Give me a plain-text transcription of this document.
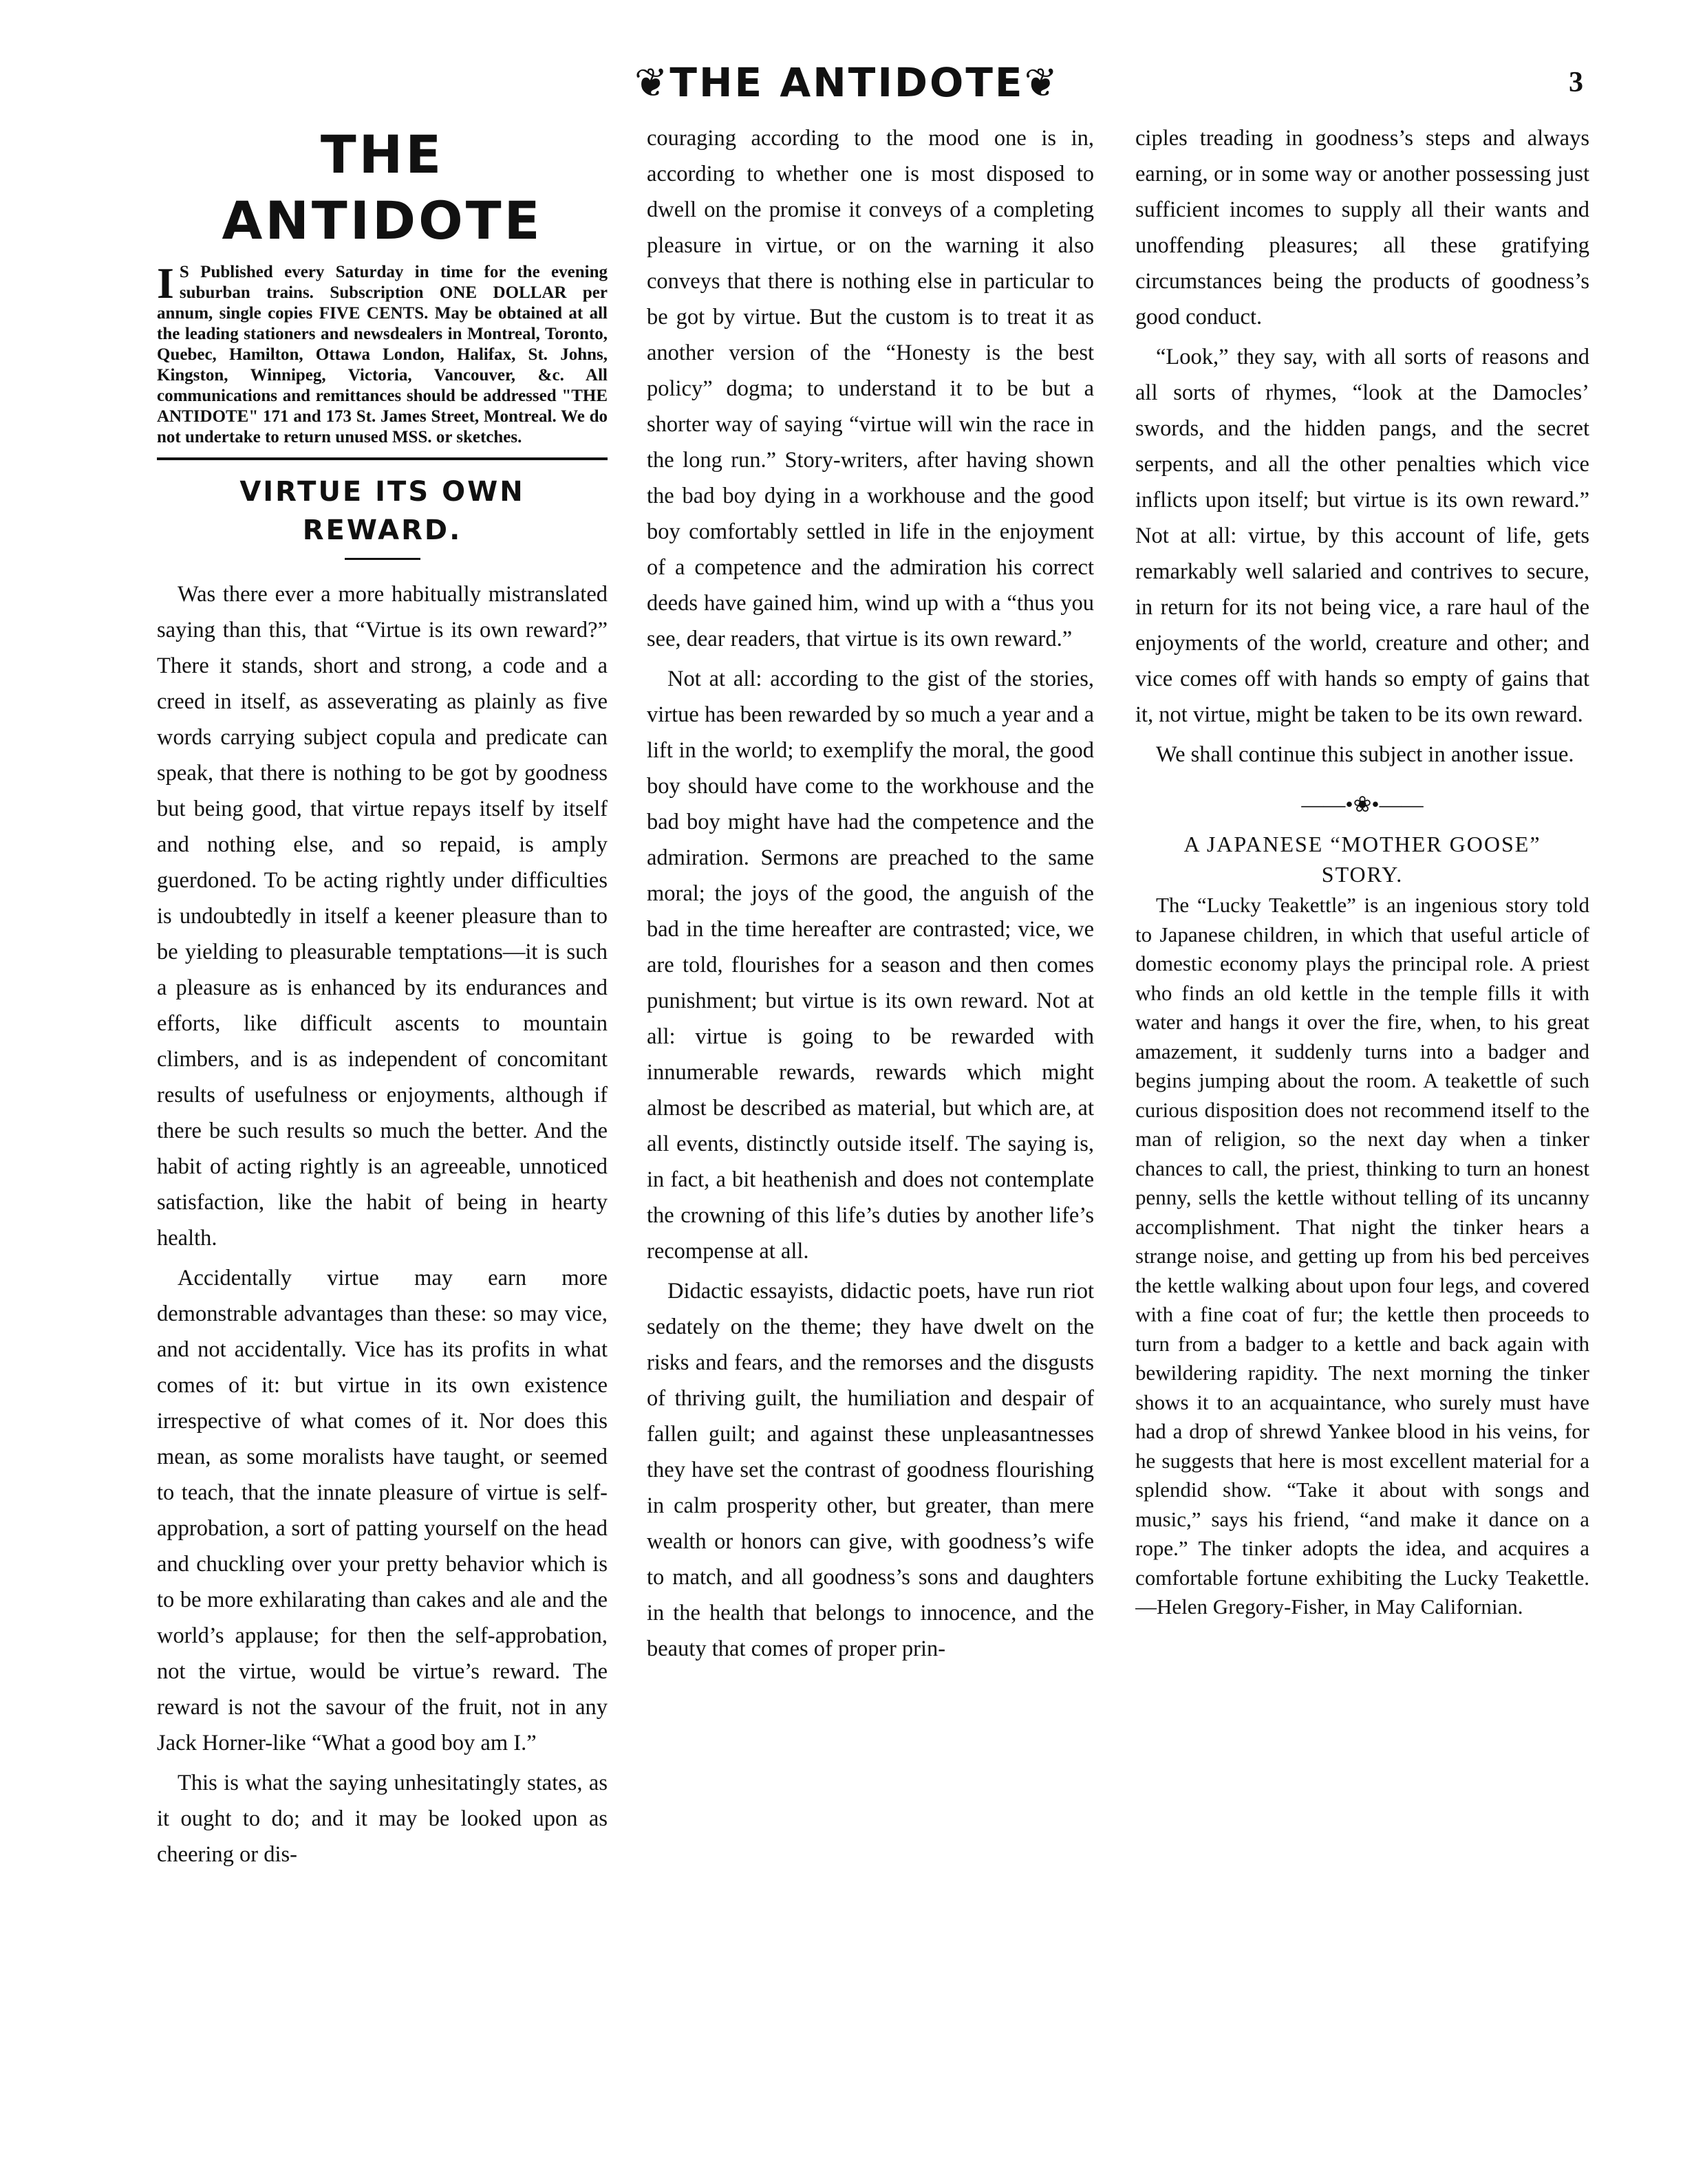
❦THE ANTIDOTE❦	3
THE ANTIDOTE
I S Published every Saturday in time for the evening suburban trains. Subscription ONE DOLLAR per annum, single copies FIVE CENTS. May be obtained at all the leading stationers and newsdealers in Montreal, Toronto, Quebec, Hamilton, Ottawa London, Halifax, St. Johns, Kingston, Winnipeg, Victoria, Vancouver, &c. All communications and remittances should be addressed "THE ANTIDOTE" 171 and 173 St. James Street, Montreal. We do not undertake to return unused MSS. or sketches.
VIRTUE ITS OWN REWARD.

Was there ever a more habitually mistranslated saying than this, that “Virtue is its own reward?” There it stands, short and strong, a code and a creed in itself, as asseverating as plainly as five words carrying subject copula and predicate can speak, that there is nothing to be got by goodness but being good, that virtue repays itself by itself and nothing else, and so repaid, is amply guerdoned. To be acting rightly under difficulties is undoubtedly in itself a keener pleasure than to be yielding to pleasurable temptations—it is such a pleasure as is enhanced by its endurances and efforts, like difficult ascents to mountain climbers, and is as independent of concomitant results of usefulness or enjoyments, although if there be such results so much the better. And the habit of acting rightly is an agreeable, unnoticed satisfaction, like the habit of being in hearty health.

Accidentally virtue may earn more demonstrable advantages than these: so may vice, and not accidentally. Vice has its profits in what comes of it: but virtue in its own existence irrespective of what comes of it. Nor does this mean, as some moralists have taught, or seemed to teach, that the innate pleasure of virtue is self-approbation, a sort of patting yourself on the head and chuckling over your pretty behavior which is to be more exhilarating than cakes and ale and the world’s applause; for then the self-approbation, not the virtue, would be virtue’s reward. The reward is not the savour of the fruit, not in any Jack Horner-like “What a good boy am I.”

This is what the saying unhesitatingly states, as it ought to do; and it may be looked upon as cheering or dis-

couraging according to the mood one is in, according to whether one is most disposed to dwell on the promise it conveys of a completing pleasure in virtue, or on the warning it also conveys that there is nothing else in particular to be got by virtue. But the custom is to treat it as another version of the “Honesty is the best policy” dogma; to understand it to be but a shorter way of saying “virtue will win the race in the long run.” Story-writers, after having shown the bad boy dying in a workhouse and the good boy comfortably settled in life in the enjoyment of a competence and the admiration his correct deeds have gained him, wind up with a “thus you see, dear readers, that virtue is its own reward.”

Not at all: according to the gist of the stories, virtue has been rewarded by so much a year and a lift in the world; to exemplify the moral, the good boy should have come to the workhouse and the bad boy might have had the competence and the admiration. Sermons are preached to the same moral; the joys of the good, the anguish of the bad in the time hereafter are contrasted; vice, we are told, flourishes for a season and then comes punishment; but virtue is its own reward. Not at all: virtue is going to be rewarded with innumerable rewards, rewards which might almost be described as material, but which are, at all events, distinctly outside itself. The saying is, in fact, a bit heathenish and does not contemplate the crowning of this life’s duties by another life’s recompense at all.

Didactic essayists, didactic poets, have run riot sedately on the theme; they have dwelt on the risks and fears, and the remorses and the disgusts of thriving guilt, the humiliation and despair of fallen guilt; and against these unpleasantnesses they have set the contrast of goodness flourishing in calm prosperity other, but greater, than mere wealth or honors can give, with goodness’s wife to match, and all goodness’s sons and daughters in the health that belongs to innocence, and the beauty that comes of proper prin-

ciples treading in goodness’s steps and always earning, or in some way or another possessing just sufficient incomes to supply all their wants and unoffending pleasures; all these gratifying circumstances being the products of goodness’s good conduct.

“Look,” they say, with all sorts of reasons and all sorts of rhymes, “look at the Damocles’ swords, and the hidden pangs, and the secret serpents, and all the other penalties which vice inflicts upon itself; but virtue is its own reward.” Not at all: virtue, by this account of life, gets remarkably well salaried and contrives to secure, in return for its not being vice, a rare haul of the enjoyments of the world, creature and other; and vice comes off with hands so empty of gains that it, not virtue, might be taken to be its own reward.

We shall continue this subject in another issue.

——•❀•——
A JAPANESE “MOTHER GOOSE”
STORY.

The “Lucky Teakettle” is an ingenious story told to Japanese children, in which that useful article of domestic economy plays the principal role. A priest who finds an old kettle in the temple fills it with water and hangs it over the fire, when, to his great amazement, it suddenly turns into a badger and begins jumping about the room. A teakettle of such curious disposition does not recommend itself to the man of religion, so the next day when a tinker chances to call, the priest, thinking to turn an honest penny, sells the kettle without telling of its uncanny accomplishment. That night the tinker hears a strange noise, and getting up from his bed perceives the kettle walking about upon four legs, and covered with a fine coat of fur; the kettle then proceeds to turn from a badger to a kettle and back again with bewildering rapidity. The next morning the tinker shows it to an acquaintance, who surely must have had a drop of shrewd Yankee blood in his veins, for he suggests that here is most excellent material for a splendid show. “Take it about with songs and music,” says his friend, “and make it dance on a rope.” The tinker adopts the idea, and acquires a comfortable fortune exhibiting the Lucky Teakettle.—Helen Gregory-Fisher, in May Californian.
